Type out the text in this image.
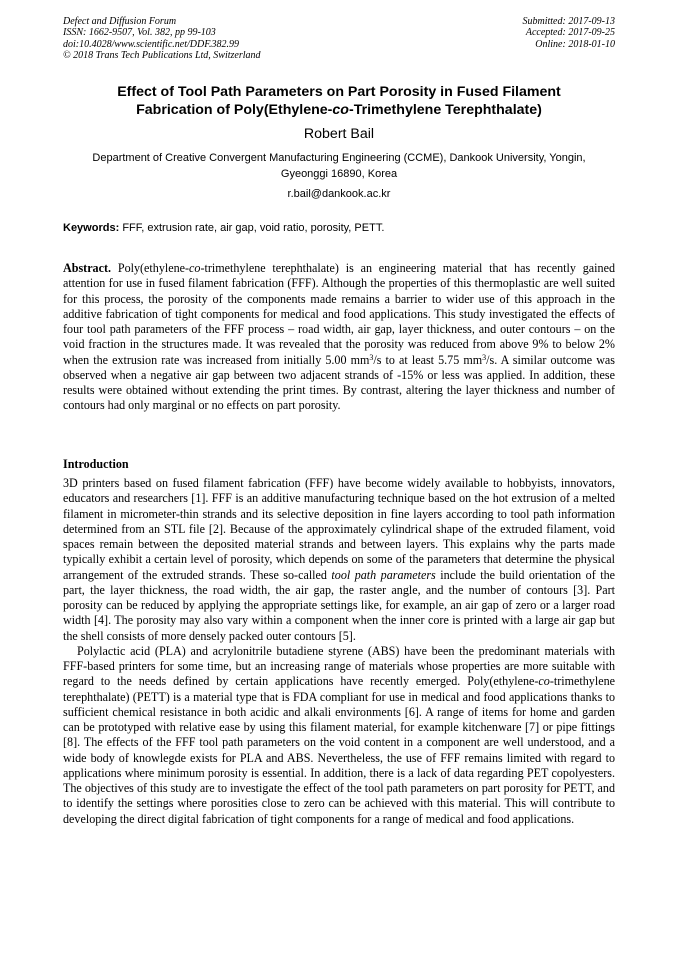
Defect and Diffusion Forum
ISSN: 1662-9507, Vol. 382, pp 99-103
doi:10.4028/www.scientific.net/DDF.382.99
© 2018 Trans Tech Publications Ltd, Switzerland
Submitted: 2017-09-13
Accepted: 2017-09-25
Online: 2018-01-10
Effect of Tool Path Parameters on Part Porosity in Fused Filament
Fabrication of Poly(Ethylene-co-Trimethylene Terephthalate)
Robert Bail
Department of Creative Convergent Manufacturing Engineering (CCME), Dankook University, Yongin, Gyeonggi 16890, Korea
r.bail@dankook.ac.kr
Keywords: FFF, extrusion rate, air gap, void ratio, porosity, PETT.
Abstract. Poly(ethylene-co-trimethylene terephthalate) is an engineering material that has recently gained attention for use in fused filament fabrication (FFF). Although the properties of this thermoplastic are well suited for this process, the porosity of the components made remains a barrier to wider use of this approach in the additive fabrication of tight components for medical and food applications. This study investigated the effects of four tool path parameters of the FFF process – road width, air gap, layer thickness, and outer contours – on the void fraction in the structures made. It was revealed that the porosity was reduced from above 9% to below 2% when the extrusion rate was increased from initially 5.00 $mm^3/s$ to at least 5.75 $mm^3/s$. A similar outcome was observed when a negative air gap between two adjacent strands of -15% or less was applied. In addition, these results were obtained without extending the print times. By contrast, altering the layer thickness and number of contours had only marginal or no effects on part porosity.
Introduction

3D printers based on fused filament fabrication (FFF) have become widely available to hobbyists, innovators, educators and researchers [1]. FFF is an additive manufacturing technique based on the hot extrusion of a melted filament in micrometer-thin strands and its selective deposition in fine layers according to tool path information determined from an STL file [2]. Because of the approximately cylindrical shape of the extruded filament, void spaces remain between the deposited material strands and between layers. This explains why the parts made typically exhibit a certain level of porosity, which depends on some of the parameters that determine the physical arrangement of the extruded strands. These so-called tool path parameters include the build orientation of the part, the layer thickness, the road width, the air gap, the raster angle, and the number of contours [3]. Part porosity can be reduced by applying the appropriate settings like, for example, an air gap of zero or a larger road width [4]. The porosity may also vary within a component when the inner core is printed with a large air gap but the shell consists of more densely packed outer contours [5].

Polylactic acid (PLA) and acrylonitrile butadiene styrene (ABS) have been the predominant materials with FFF-based printers for some time, but an increasing range of materials whose properties are more suitable with regard to the needs defined by certain applications have recently emerged. Poly(ethylene-co-trimethylene terephthalate) (PETT) is a material type that is FDA compliant for use in medical and food applications thanks to sufficient chemical resistance in both acidic and alkali environments [6]. A range of items for home and garden can be prototyped with relative ease by using this filament material, for example kitchenware [7] or pipe fittings [8]. The effects of the FFF tool path parameters on the void content in a component are well understood, and a wide body of knowlegde exists for PLA and ABS. Nevertheless, the use of FFF remains limited with regard to applications where minimum porosity is essential. In addition, there is a lack of data regarding PET copolyesters. The objectives of this study are to investigate the effect of the tool path parameters on part porosity for PETT, and to identify the settings where porosities close to zero can be achieved with this material. This will contribute to developing the direct digital fabrication of tight components for a range of medical and food applications.
